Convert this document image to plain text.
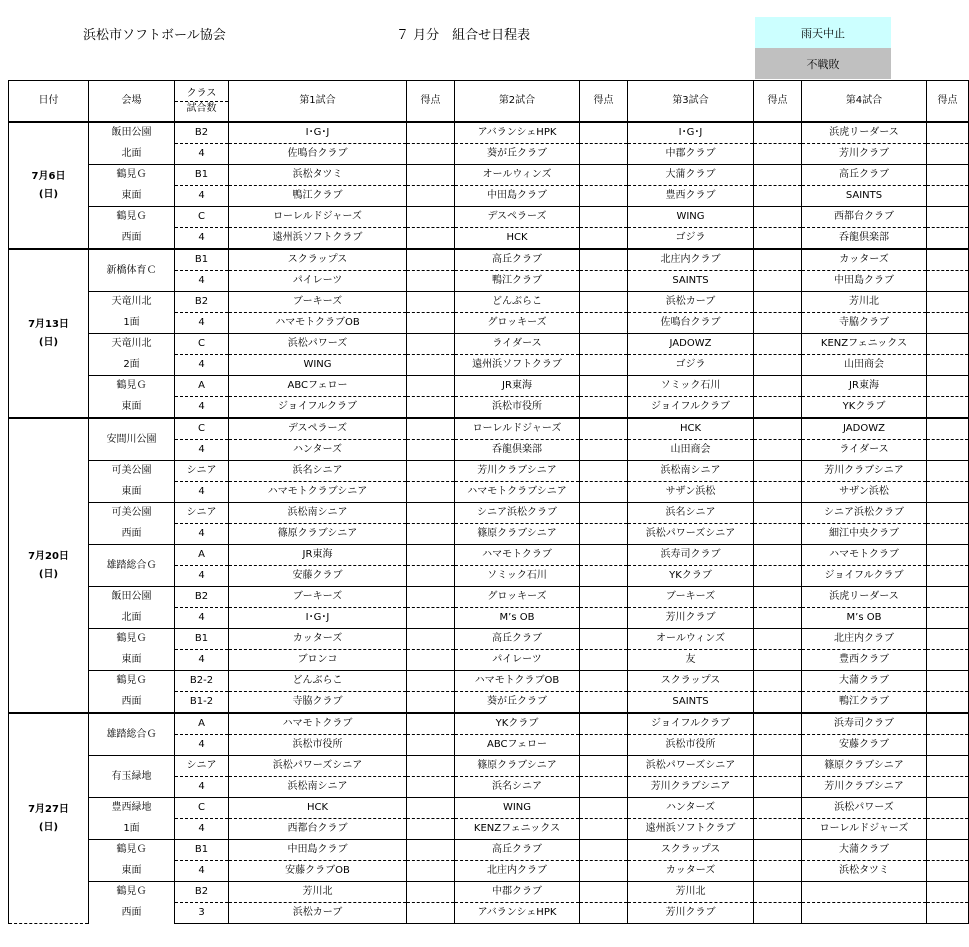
浜松市ソフトボール協会	７ 月分　組合せ日程表	雨天中止
不戦敗
日付	会場	クラス
試合数	第1試合	得点	第2試合	得点	第3試合	得点	第4試合	得点

7月6日
(日)	飯田公園	B2	I･G･J		アバランシェHPK		I･G･J		浜虎リーダース	
	北面	4	佐鳴台クラブ		葵が丘クラブ		中郡クラブ		芳川クラブ	
	鶴見Ｇ	B1	浜松タツミ		オールウィンズ		大蒲クラブ		高丘クラブ	
	東面	4	鴨江クラブ		中田島クラブ		豊西クラブ		SAINTS	
	鶴見Ｇ	C	ローレルドジャーズ		デスペラーズ		WING		西都台クラブ	
	西面	4	遠州浜ソフトクラブ		HCK		ゴジラ		呑龍倶楽部	

7月13日
(日)	新橋体育Ｃ	B1	スクラップス		高丘クラブ		北庄内クラブ		カッターズ	
		4	パイレーツ		鴨江クラブ		SAINTS		中田島クラブ	
	天竜川北	B2	ブーキーズ		どんぶらこ		浜松カーブ		芳川北	
	1面	4	ハマモトクラブOB		グロッキーズ		佐鳴台クラブ		寺脇クラブ	
	天竜川北	C	浜松パワーズ		ライダース		JADOWZ		KENZフェニックス	
	2面	4	WING		遠州浜ソフトクラブ		ゴジラ		山田商会	
	鶴見Ｇ	A	ABCフェロー		JR東海		ソミック石川		JR東海	
	東面	4	ジョイフルクラブ		浜松市役所		ジョイフルクラブ		YKクラブ	

7月20日
(日)	安間川公園	C	デスペラーズ		ローレルドジャーズ		HCK		JADOWZ	
		4	ハンターズ		呑龍倶楽部		山田商会		ライダース	
	可美公園	シニア	浜名シニア		芳川クラブシニア		浜松南シニア		芳川クラブシニア	
	東面	4	ハマモトクラブシニア		ハマモトクラブシニア		サザン浜松		サザン浜松	
	可美公園	シニア	浜松南シニア		シニア浜松クラブ		浜名シニア		シニア浜松クラブ	
	西面	4	篠原クラブシニア		篠原クラブシニア		浜松パワーズシニア		細江中央クラブ	
	雄踏総合Ｇ	A	JR東海		ハマモトクラブ		浜寿司クラブ		ハマモトクラブ	
		4	安藤クラブ		ソミック石川		YKクラブ		ジョイフルクラブ	
	飯田公園	B2	ブーキーズ		グロッキーズ		ブーキーズ		浜虎リーダース	
	北面	4	I･G･J		M’s OB		芳川クラブ		M’s OB	
	鶴見Ｇ	B1	カッターズ		高丘クラブ		オールウィンズ		北庄内クラブ	
	東面	4	ブロンコ		パイレーツ		友		豊西クラブ	
	鶴見Ｇ	B2-2	どんぶらこ		ハマモトクラブOB		スクラップス		大蒲クラブ	
	西面	B1-2	寺脇クラブ		葵が丘クラブ		SAINTS		鴨江クラブ	

7月27日
(日)	雄踏総合Ｇ	A	ハマモトクラブ		YKクラブ		ジョイフルクラブ		浜寿司クラブ	
		4	浜松市役所		ABCフェロー		浜松市役所		安藤クラブ	
	有玉緑地	シニア	浜松パワーズシニア		篠原クラブシニア		浜松パワーズシニア		篠原クラブシニア	
		4	浜松南シニア		浜名シニア		芳川クラブシニア		芳川クラブシニア	
	豊西緑地	C	HCK		WING		ハンターズ		浜松パワーズ	
	1面	4	西都台クラブ		KENZフェニックス		遠州浜ソフトクラブ		ローレルドジャーズ	
	鶴見Ｇ	B1	中田島クラブ		高丘クラブ		スクラップス		大蒲クラブ	
	東面	4	安藤クラブOB		北庄内クラブ		カッターズ		浜松タツミ	
	鶴見Ｇ	B2	芳川北		中郡クラブ		芳川北			
	西面	3	浜松カーブ		アバランシェHPK		芳川クラブ			
